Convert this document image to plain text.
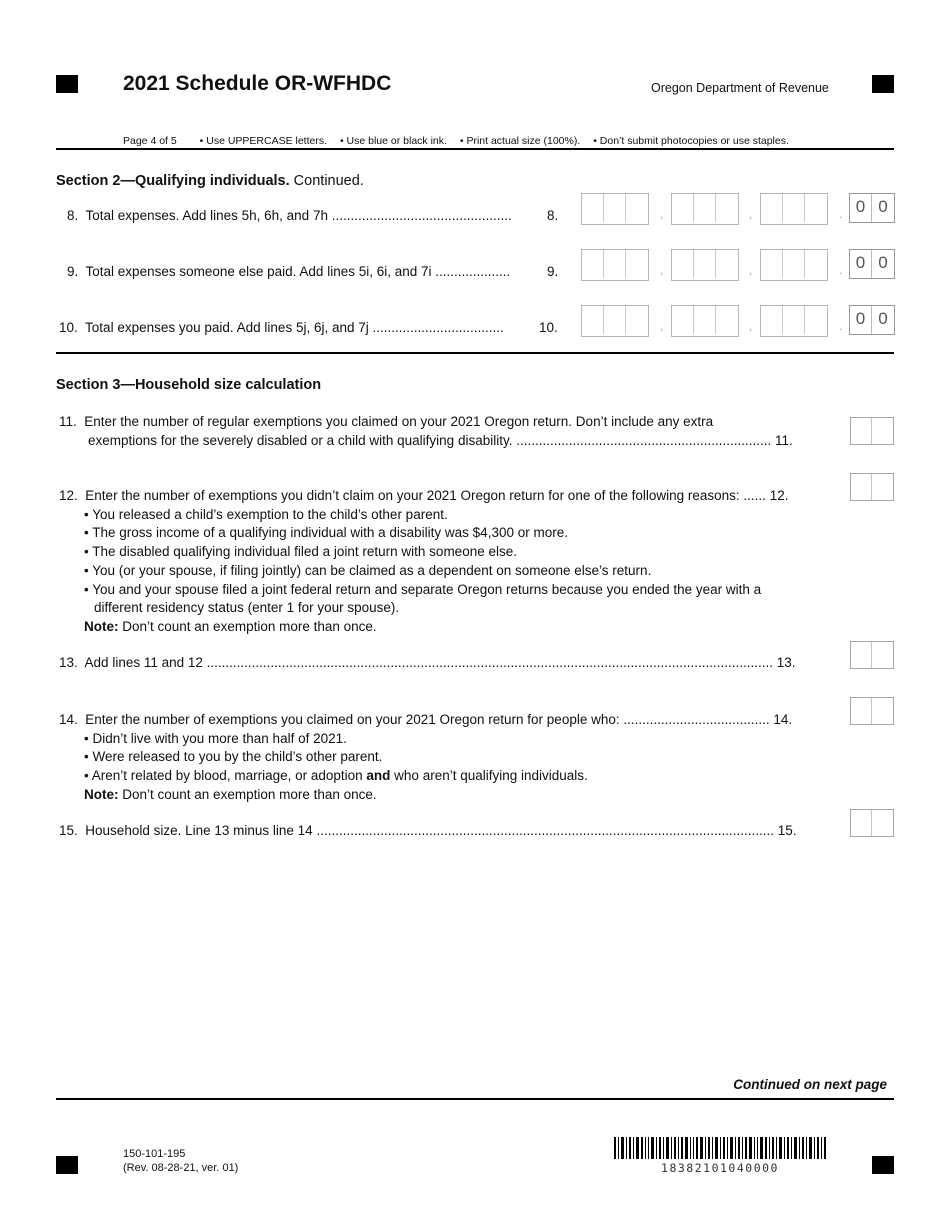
2021 Schedule OR-WFHDC	Oregon Department of Revenue
Page 4 of 5 • Use UPPERCASE letters. • Use blue or black ink. • Print actual size (100%). • Don’t submit photocopies or use staples.
Section 2—Qualifying individuals. Continued.
8. Total expenses. Add lines 5h, 6h, and 7h ................................................	8.	,	,	. 0 0
9. Total expenses someone else paid. Add lines 5i, 6i, and 7i ....................	9.	,	,	. 0 0
10. Total expenses you paid. Add lines 5j, 6j, and 7j ...................................	10.	,	,	. 0 0
Section 3—Household size calculation
11. Enter the number of regular exemptions you claimed on your 2021 Oregon return. Don’t include any extra
exemptions for the severely disabled or a child with qualifying disability. .................................................................... 11.
12. Enter the number of exemptions you didn’t claim on your 2021 Oregon return for one of the following reasons: ...... 12.
• You released a child’s exemption to the child’s other parent.
• The gross income of a qualifying individual with a disability was $4,300 or more.
• The disabled qualifying individual filed a joint return with someone else.
• You (or your spouse, if filing jointly) can be claimed as a dependent on someone else’s return.
• You and your spouse filed a joint federal return and separate Oregon returns because you ended the year with a
different residency status (enter 1 for your spouse).
Note: Don’t count an exemption more than once.
13. Add lines 11 and 12 ....................................................................................................................................................... 13.
14. Enter the number of exemptions you claimed on your 2021 Oregon return for people who: ....................................... 14.
• Didn’t live with you more than half of 2021.
• Were released to you by the child’s other parent.
• Aren’t related by blood, marriage, or adoption and who aren’t qualifying individuals.
Note: Don’t count an exemption more than once.
15. Household size. Line 13 minus line 14 .......................................................................................................................... 15.
Continued on next page
150-101-195
(Rev. 08-28-21, ver. 01)	18382101040000
